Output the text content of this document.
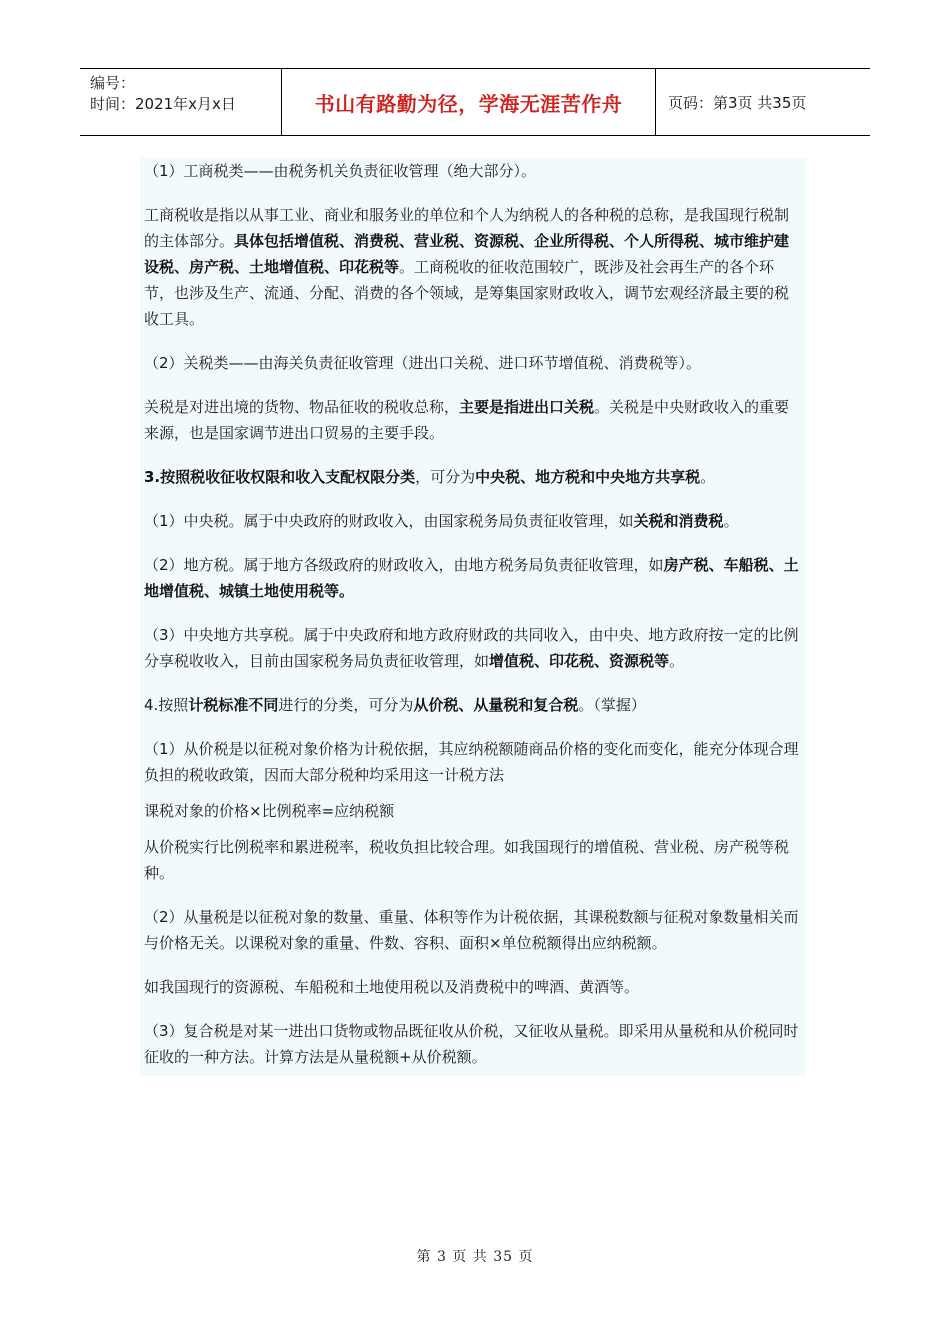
编号：
时间：2021年x月x日	书山有路勤为径，学海无涯苦作舟	页码：第3页 共35页

（1）工商税类——由税务机关负责征收管理（绝大部分）。

工商税收是指以从事工业、商业和服务业的单位和个人为纳税人的各种税的总称，是我国现行税制的主体部分。具体包括增值税、消费税、营业税、资源税、企业所得税、个人所得税、城市维护建设税、房产税、土地增值税、印花税等。工商税收的征收范围较广，既涉及社会再生产的各个环节，也涉及生产、流通、分配、消费的各个领域，是筹集国家财政收入，调节宏观经济最主要的税收工具。

（2）关税类——由海关负责征收管理（进出口关税、进口环节增值税、消费税等）。

关税是对进出境的货物、物品征收的税收总称，主要是指进出口关税。关税是中央财政收入的重要来源，也是国家调节进出口贸易的主要手段。

3.按照税收征收权限和收入支配权限分类，可分为中央税、地方税和中央地方共享税。

（1）中央税。属于中央政府的财政收入，由国家税务局负责征收管理，如关税和消费税。

（2）地方税。属于地方各级政府的财政收入，由地方税务局负责征收管理，如房产税、车船税、土地增值税、城镇土地使用税等。

（3）中央地方共享税。属于中央政府和地方政府财政的共同收入，由中央、地方政府按一定的比例分享税收收入，目前由国家税务局负责征收管理，如增值税、印花税、资源税等。

4.按照计税标准不同进行的分类，可分为从价税、从量税和复合税。（掌握）

（1）从价税是以征税对象价格为计税依据，其应纳税额随商品价格的变化而变化，能充分体现合理负担的税收政策，因而大部分税种均采用这一计税方法

课税对象的价格×比例税率=应纳税额

从价税实行比例税率和累进税率，税收负担比较合理。如我国现行的增值税、营业税、房产税等税种。

（2）从量税是以征税对象的数量、重量、体积等作为计税依据，其课税数额与征税对象数量相关而与价格无关。以课税对象的重量、件数、容积、面积×单位税额得出应纳税额。

如我国现行的资源税、车船税和土地使用税以及消费税中的啤酒、黄酒等。

（3）复合税是对某一进出口货物或物品既征收从价税，又征收从量税。即采用从量税和从价税同时征收的一种方法。计算方法是从量税额+从价税额。

第 3 页 共 35 页
